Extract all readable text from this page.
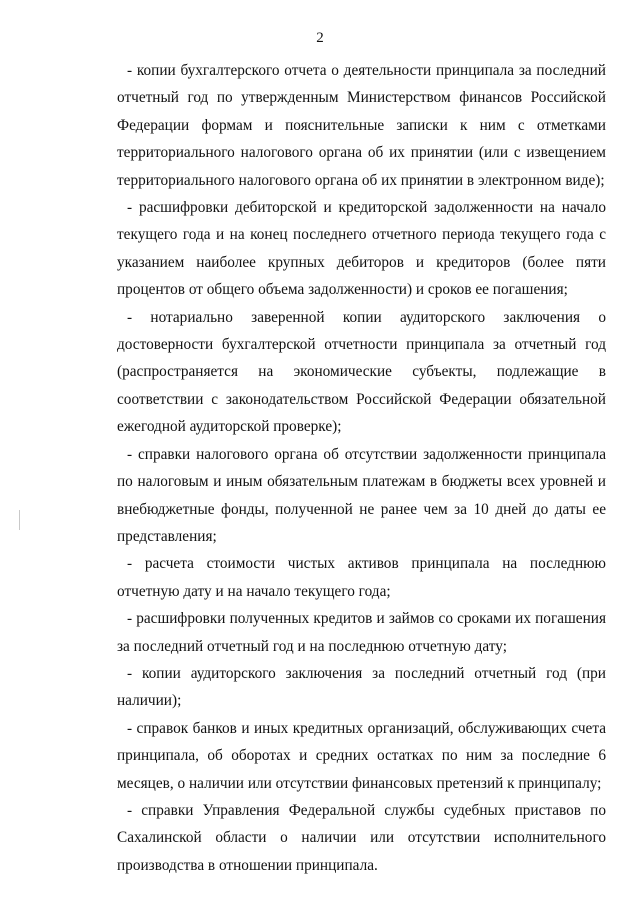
2

- копии бухгалтерского отчета о деятельности принципала за последний отчетный год по утвержденным Министерством финансов Российской Федерации формам и пояснительные записки к ним с отметками территориального налогового органа об их принятии (или с извещением территориального налогового органа об их принятии в электронном виде);

- расшифровки дебиторской и кредиторской задолженности на начало текущего года и на конец последнего отчетного периода текущего года с указанием наиболее крупных дебиторов и кредиторов (более пяти процентов от общего объема задолженности) и сроков ее погашения;

- нотариально заверенной копии аудиторского заключения о достоверности бухгалтерской отчетности принципала за отчетный год (распространяется на экономические субъекты, подлежащие в соответствии с законодательством Российской Федерации обязательной ежегодной аудиторской проверке);

- справки налогового органа об отсутствии задолженности принципала по налоговым и иным обязательным платежам в бюджеты всех уровней и внебюджетные фонды, полученной не ранее чем за 10 дней до даты ее представления;

- расчета стоимости чистых активов принципала на последнюю отчетную дату и на начало текущего года;

- расшифровки полученных кредитов и займов со сроками их погашения за последний отчетный год и на последнюю отчетную дату;

- копии аудиторского заключения за последний отчетный год (при наличии);

- справок банков и иных кредитных организаций, обслуживающих счета принципала, об оборотах и средних остатках по ним за последние 6 месяцев, о наличии или отсутствии финансовых претензий к принципалу;

- справки Управления Федеральной службы судебных приставов по Сахалинской области о наличии или отсутствии исполнительного производства в отношении принципала.
